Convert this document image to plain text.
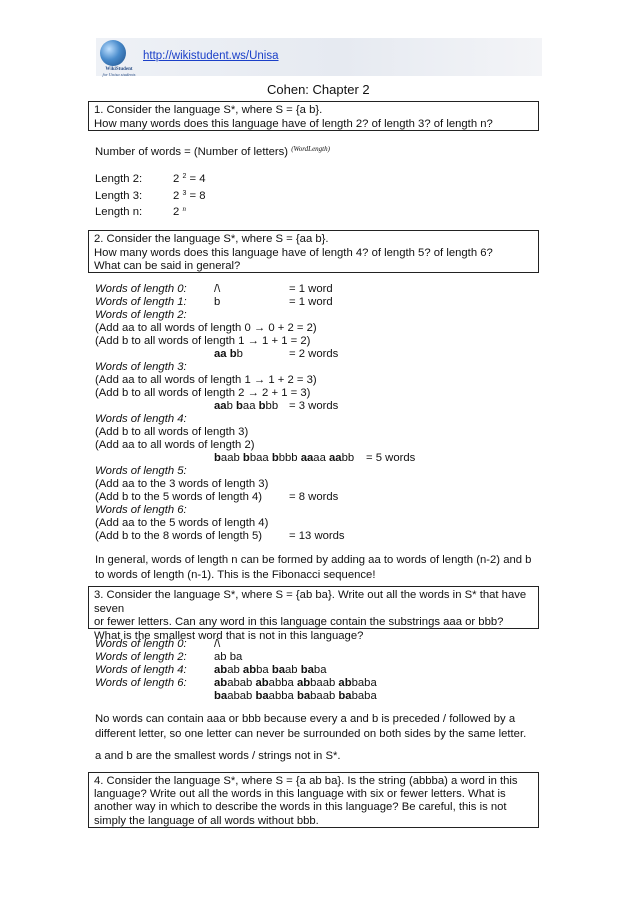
WikiStudent
for Unisa students
http://wikistudent.ws/Unisa
Cohen: Chapter 2
1. Consider the language S*, where S = {a b}.
How many words does this language have of length 2? of length 3? of length n?
Number of words = (Number of letters) $^{(WordLength)}$
Length 2:	2 $^2$ = 4
Length 3:	2 $^3$ = 8
Length n:	2 $^n$
2. Consider the language S*, where S = {aa b}.
How many words does this language have of length 4? of length 5? of length 6?
What can be said in general?
Words of length 0: /\	= 1 word
Words of length 1: b	= 1 word
Words of length 2:
(Add aa to all words of length 0 → 0 + 2 = 2)
(Add b to all words of length 1 → 1 + 1 = 2)
aa bb	= 2 words
Words of length 3:
(Add aa to all words of length 1 → 1 + 2 = 3)
(Add b to all words of length 2 → 2 + 1 = 3)
aab baa bbb = 3 words
Words of length 4:
(Add b to all words of length 3)
(Add aa to all words of length 2)
baab bbaa bbbb aaaa aabb = 5 words
Words of length 5:
(Add aa to the 3 words of length 3)
(Add b to the 5 words of length 4) = 8 words
Words of length 6:
(Add aa to the 5 words of length 4)
(Add b to the 8 words of length 5) = 13 words
In general, words of length n can be formed by adding aa to words of length (n-2) and b to words of length (n-1). This is the Fibonacci sequence!
3. Consider the language S*, where S = {ab ba}. Write out all the words in S* that have seven
or fewer letters. Can any word in this language contain the substrings aaa or bbb?
What is the smallest word that is not in this language?
Words of length 0: /\
Words of length 2: ab ba
Words of length 4: abab abba baab baba
Words of length 6: ababab ababba abbaab abbaba
baabab baabba babaab bababa
No words can contain aaa or bbb because every a and b is preceded / followed by a different letter, so one letter can never be surrounded on both sides by the same letter.
a and b are the smallest words / strings not in S*.
4. Consider the language S*, where S = {a ab ba}. Is the string (abbba) a word in this language? Write out all the words in this language with six or fewer letters. What is another way in which to describe the words in this language? Be careful, this is not simply the language of all words without bbb.
